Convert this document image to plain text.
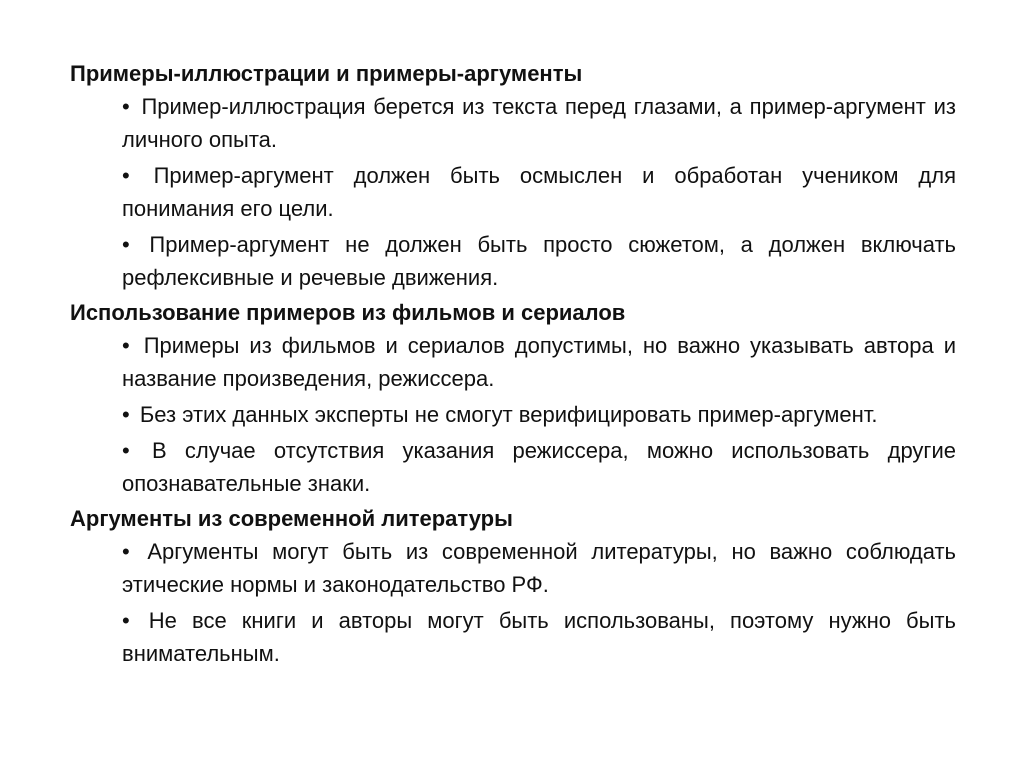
Примеры-иллюстрации и примеры-аргументы

• Пример-иллюстрация берется из текста перед глазами, а пример-аргумент из личного опыта.
• Пример-аргумент должен быть осмыслен и обработан учеником для понимания его цели.
• Пример-аргумент не должен быть просто сюжетом, а должен включать рефлексивные и речевые движения.

Использование примеров из фильмов и сериалов

• Примеры из фильмов и сериалов допустимы, но важно указывать автора и название произведения, режиссера.
• Без этих данных эксперты не смогут верифицировать пример-аргумент.
• В случае отсутствия указания режиссера, можно использовать другие опознавательные знаки.

Аргументы из современной литературы

• Аргументы могут быть из современной литературы, но важно соблюдать этические нормы и законодательство РФ.
• Не все книги и авторы могут быть использованы, поэтому нужно быть внимательным.
